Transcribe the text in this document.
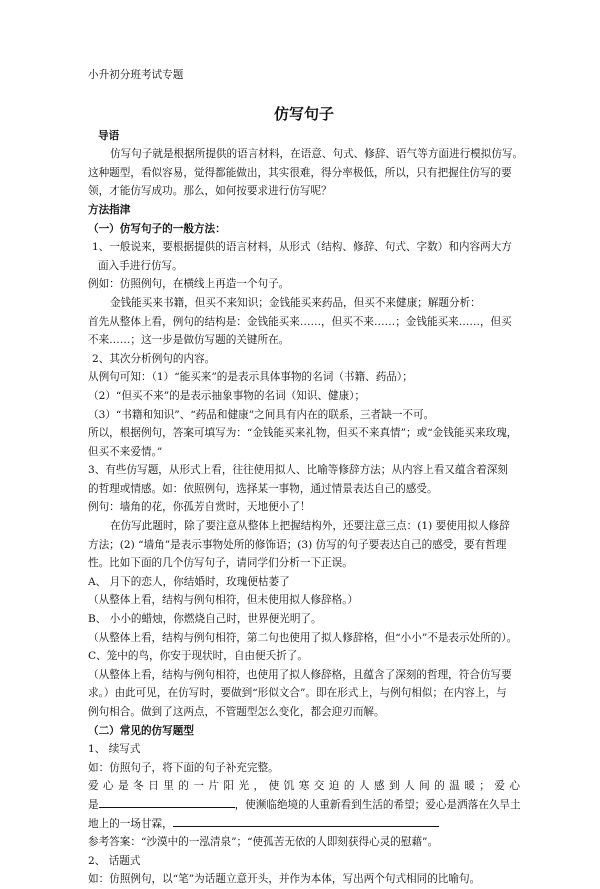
小升初分班考试专题

仿写句子

导语

仿写句子就是根据所提供的语言材料，在语意、句式、修辞、语气等方面进行模拟仿写。

这种题型，看似容易，觉得都能做出，其实很难，得分率极低，所以，只有把握住仿写的要

领，才能仿写成功。那么，如何按要求进行仿写呢？

方法指津

（一）仿写句子的一般方法：

1、一般说来，要根据提供的语言材料，从形式（结构、修辞、句式、字数）和内容两大方

面入手进行仿写。

例如：仿照例句，在横线上再造一个句子。

金钱能买来书籍，但买不来知识；金钱能买来药品，但买不来健康；解题分析：

首先从整体上看，例句的结构是：金钱能买来……，但买不来……；金钱能买来……，但买

不来……；这一步是做仿写题的关键所在。

2、其次分析例句的内容。

从例句可知：（1）“能买来”的是表示具体事物的名词（书籍、药品）；

（2）“但买不来”的是表示抽象事物的名词（知识、健康）；

（3）“书籍和知识”、“药品和健康”之间具有内在的联系，三者缺一不可。

所以，根据例句，答案可填写为：“金钱能买来礼物，但买不来真情”；或“金钱能买来玫瑰，

但买不来爱情。”

3、有些仿写题，从形式上看，往往使用拟人、比喻等修辞方法；从内容上看又蕴含着深刻

的哲理或情感。如：依照例句，选择某一事物，通过情景表达自己的感受。

例句：墙角的花，你孤芳自赏时，天地便小了！

在仿写此题时，除了要注意从整体上把握结构外，还要注意三点：(1) 要使用拟人修辞

方法；(2) “墙角”是表示事物处所的修饰语；(3) 仿写的句子要表达自己的感受，要有哲理

性。比如下面的几个仿写句子，请同学们分析一下正误。

A、 月下的恋人，你结婚时，玫瑰便枯萎了

（从整体上看，结构与例句相符，但未使用拟人修辞格。）

B、 小小的蜡烛，你燃烧自己时，世界便光明了。

（从整体上看，结构与例句相符，第二句也使用了拟人修辞格，但“小小”不是表示处所的）。

C、笼中的鸟，你安于现状时，自由便夭折了。

（从整体上看，结构与例句相符，也使用了拟人修辞格，且蕴含了深刻的哲理，符合仿写要

求。）由此可见，在仿写时，要做到“形似文合”。即在形式上，与例句相似；在内容上，与

例句相合。做到了这两点，不管题型怎么变化，都会迎刃而解。

（二）常见的仿写题型

1、 续写式

如：仿照句子，将下面的句子补充完整。

爱心是冬日里的一片阳光，使饥寒交迫的人感到人间的温暖；爱心

是	，使濒临绝境的人重新看到生活的希望；爱心是洒落在久旱土

地上的一场甘霖，

参考答案：“沙漠中的一泓清泉”；“使孤苦无依的人即刻获得心灵的慰藉”。

2、 话题式

如：仿照例句，以“笔”为话题立意开头，并作为本体，写出两个句式相同的比喻句。
